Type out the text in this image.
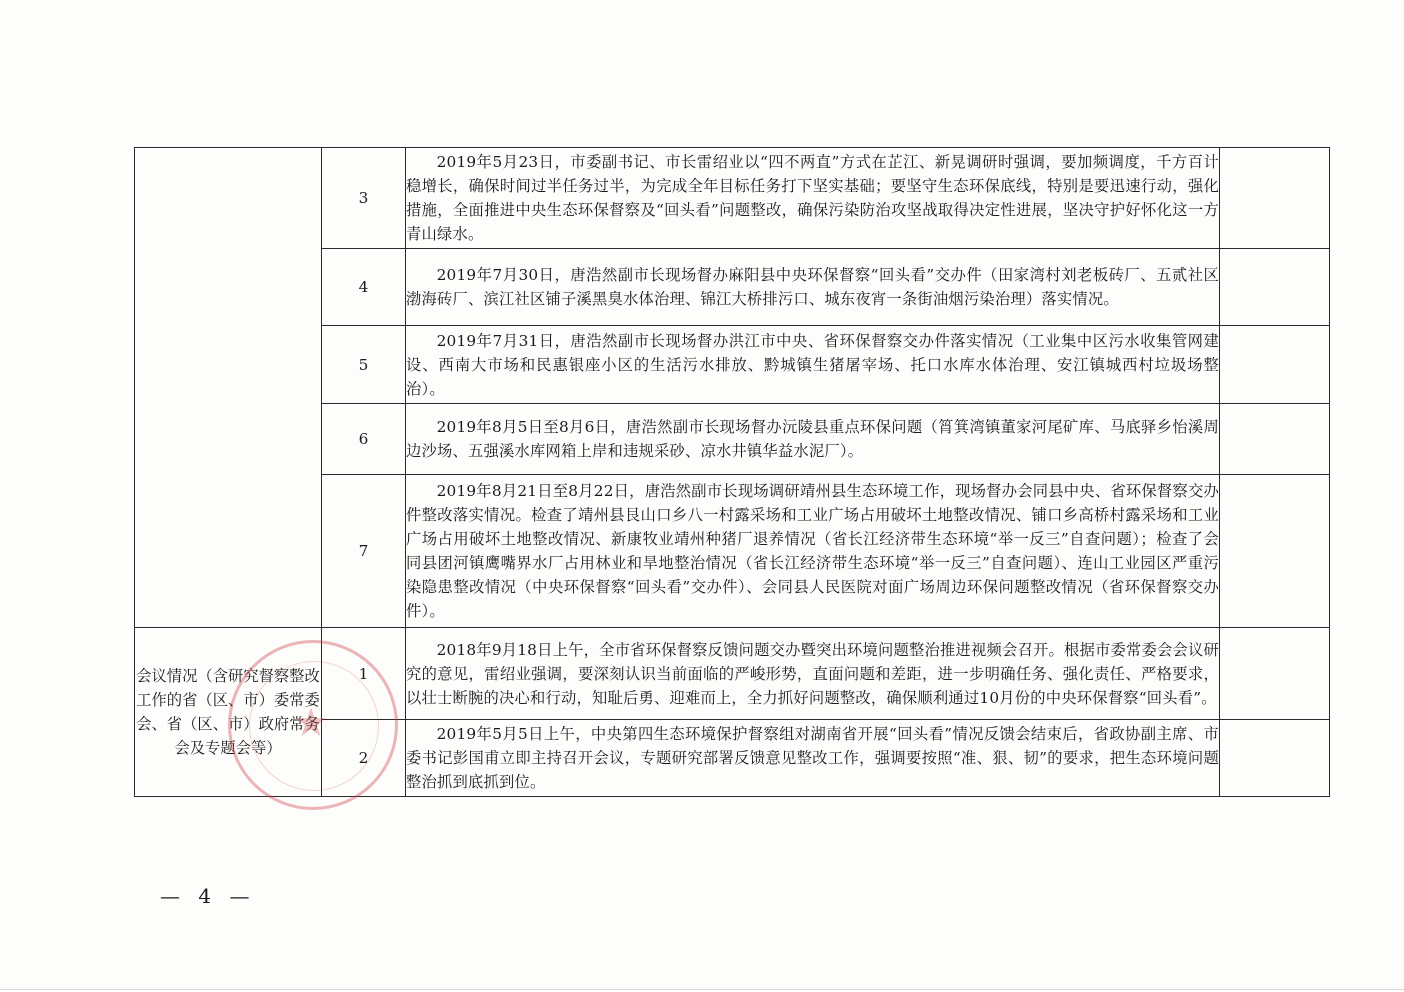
	3	2019年5月23日，市委副书记、市长雷绍业以“四不两直”方式在芷江、新晃调研时强调，要加频调度，千方百计稳增长，确保时间过半任务过半，为完成全年目标任务打下坚实基础；要坚守生态环保底线，特别是要迅速行动，强化措施，全面推进中央生态环保督察及“回头看”问题整改，确保污染防治攻坚战取得决定性进展，坚决守护好怀化这一方青山绿水。	
	4	2019年7月30日，唐浩然副市长现场督办麻阳县中央环保督察“回头看”交办件（田家湾村刘老板砖厂、五贰社区渤海砖厂、滨江社区铺子溪黑臭水体治理、锦江大桥排污口、城东夜宵一条街油烟污染治理）落实情况。	
	5	2019年7月31日，唐浩然副市长现场督办洪江市中央、省环保督察交办件落实情况（工业集中区污水收集管网建设、西南大市场和民惠银座小区的生活污水排放、黔城镇生猪屠宰场、托口水库水体治理、安江镇城西村垃圾场整治）。	
	6	2019年8月5日至8月6日，唐浩然副市长现场督办沅陵县重点环保问题（筲箕湾镇董家河尾矿库、马底驿乡怡溪周边沙场、五强溪水库网箱上岸和违规采砂、凉水井镇华益水泥厂）。	
	7	2019年8月21日至8月22日，唐浩然副市长现场调研靖州县生态环境工作，现场督办会同县中央、省环保督察交办件整改落实情况。检查了靖州县艮山口乡八一村露采场和工业广场占用破坏土地整改情况、铺口乡高桥村露采场和工业广场占用破坏土地整改情况、新康牧业靖州种猪厂退养情况（省长江经济带生态环境“举一反三”自查问题）；检查了会同县团河镇鹰嘴界水厂占用林业和旱地整治情况（省长江经济带生态环境“举一反三”自查问题）、连山工业园区严重污染隐患整改情况（中央环保督察“回头看”交办件）、会同县人民医院对面广场周边环保问题整改情况（省环保督察交办件）。	
会议情况（含研究督察整改工作的省（区、市）委常委会、省（区、市）政府常务会及专题会等）	1	2018年9月18日上午，全市省环保督察反馈问题交办暨突出环境问题整治推进视频会召开。根据市委常委会会议研究的意见，雷绍业强调，要深刻认识当前面临的严峻形势，直面问题和差距，进一步明确任务、强化责任、严格要求，以壮士断腕的决心和行动，知耻后勇、迎难而上，全力抓好问题整改，确保顺利通过10月份的中央环保督察“回头看”。	
	2	2019年5月5日上午，中央第四生态环境保护督察组对湖南省开展“回头看”情况反馈会结束后，省政协副主席、市委书记彭国甫立即主持召开会议，专题研究部署反馈意见整改工作，强调要按照“准、狠、韧”的要求，把生态环境问题整治抓到底抓到位。	
★
— 4 —
